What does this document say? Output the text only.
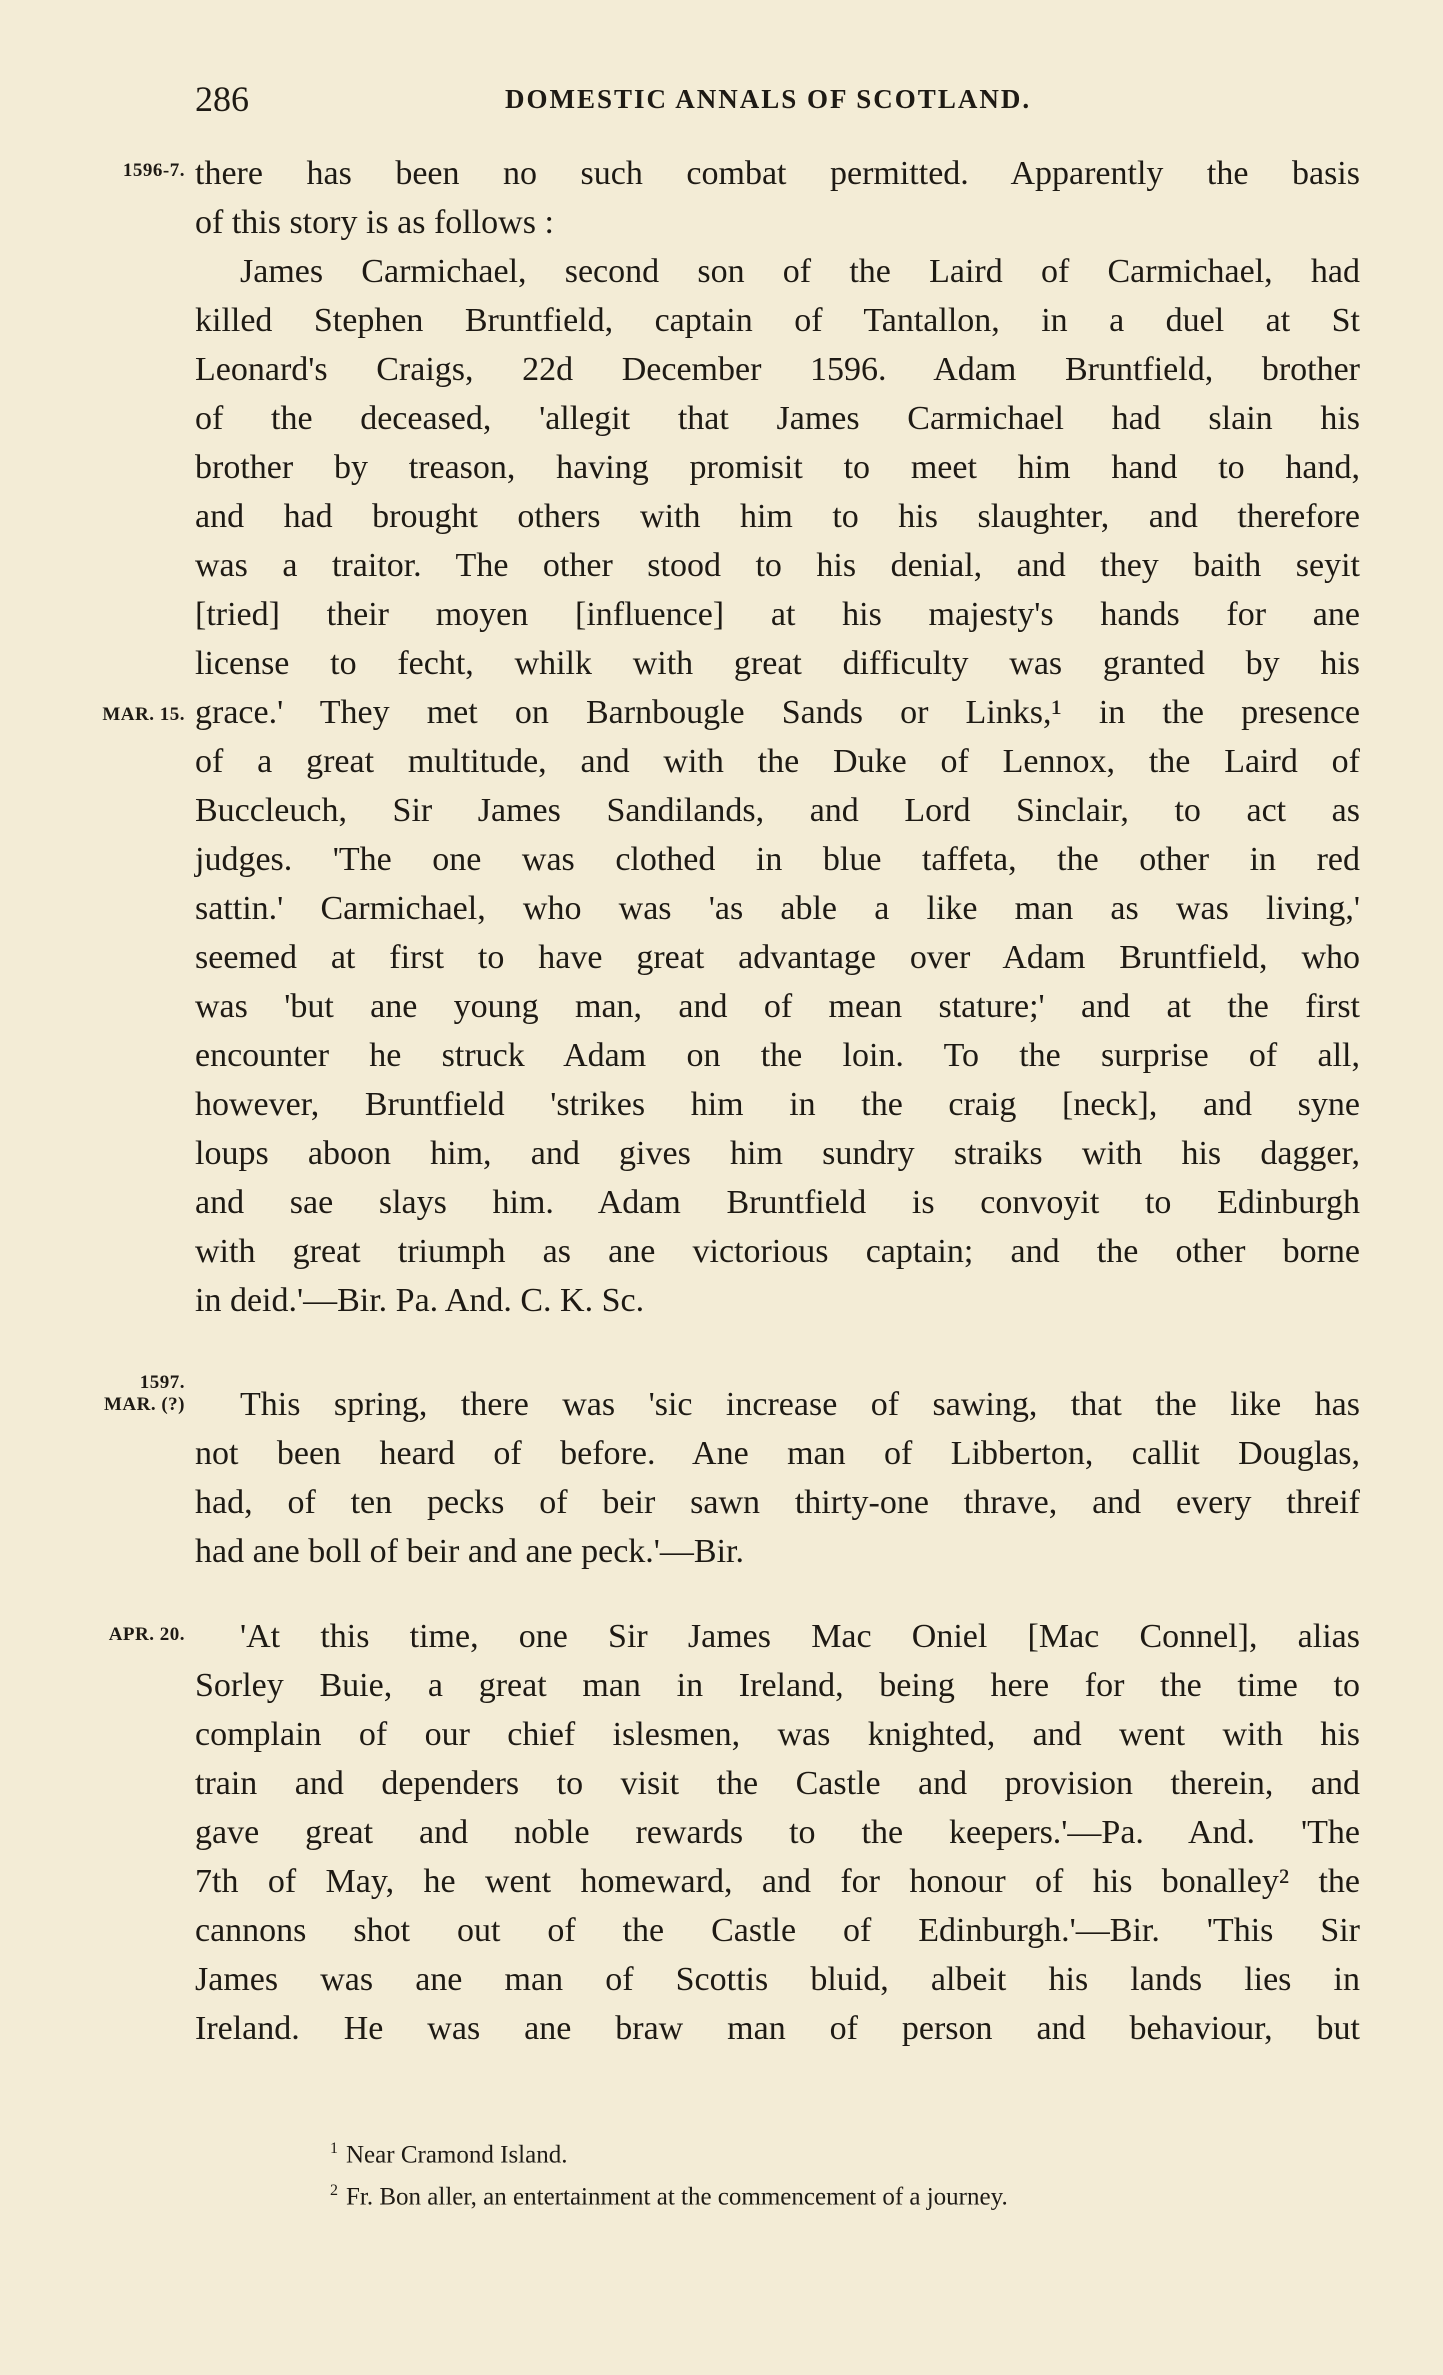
286	DOMESTIC ANNALS OF SCOTLAND.
1596-7.
MAR. 15.
1597.
MAR. (?)
APR. 20.
there has been no such combat permitted. Apparently the basis
of this story is as follows :
James Carmichael, second son of the Laird of Carmichael, had
killed Stephen Bruntfield, captain of Tantallon, in a duel at St
Leonard's Craigs, 22d December 1596. Adam Bruntfield, brother
of the deceased, 'allegit that James Carmichael had slain his
brother by treason, having promisit to meet him hand to hand,
and had brought others with him to his slaughter, and therefore
was a traitor. The other stood to his denial, and they baith seyit
[tried] their moyen [influence] at his majesty's hands for ane
license to fecht, whilk with great difficulty was granted by his
grace.' They met on Barnbougle Sands or Links,¹ in the presence
of a great multitude, and with the Duke of Lennox, the Laird of
Buccleuch, Sir James Sandilands, and Lord Sinclair, to act as
judges. 'The one was clothed in blue taffeta, the other in red
sattin.' Carmichael, who was 'as able a like man as was living,'
seemed at first to have great advantage over Adam Bruntfield, who
was 'but ane young man, and of mean stature;' and at the first
encounter he struck Adam on the loin. To the surprise of all,
however, Bruntfield 'strikes him in the craig [neck], and syne
loups aboon him, and gives him sundry straiks with his dagger,
and sae slays him. Adam Bruntfield is convoyit to Edinburgh
with great triumph as ane victorious captain; and the other borne
in deid.'—Bir. Pa. And. C. K. Sc.
This spring, there was 'sic increase of sawing, that the like has
not been heard of before. Ane man of Libberton, callit Douglas,
had, of ten pecks of beir sawn thirty-one thrave, and every threif
had ane boll of beir and ane peck.'—Bir.
'At this time, one Sir James Mac Oniel [Mac Connel], alias
Sorley Buie, a great man in Ireland, being here for the time to
complain of our chief islesmen, was knighted, and went with his
train and dependers to visit the Castle and provision therein, and
gave great and noble rewards to the keepers.'—Pa. And. 'The
7th of May, he went homeward, and for honour of his bonalley² the
cannons shot out of the Castle of Edinburgh.'—Bir. 'This Sir
James was ane man of Scottis bluid, albeit his lands lies in
Ireland. He was ane braw man of person and behaviour, but
$^1$ Near Cramond Island.
$^2$ Fr. Bon aller, an entertainment at the commencement of a journey.
